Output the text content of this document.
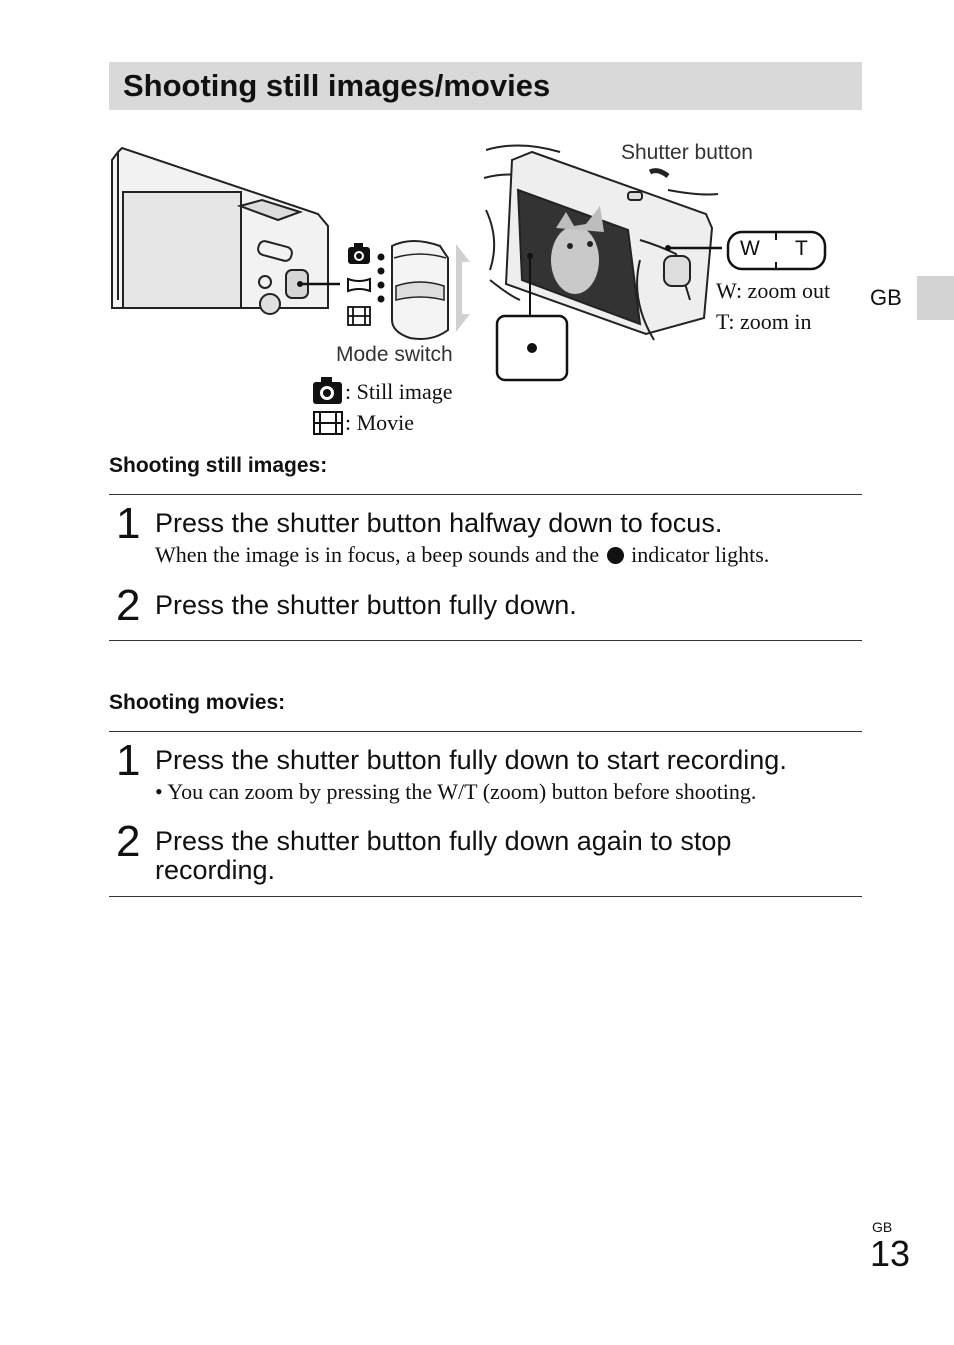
Shooting still images/movies
GB
Shutter button
W T
W: zoom out
T: zoom in
Mode switch
: Still image
: Movie
Shooting still images:
1 Press the shutter button halfway down to focus.
When the image is in focus, a beep sounds and the indicator lights.
2 Press the shutter button fully down.
Shooting movies:
1 Press the shutter button fully down to start recording.
• You can zoom by pressing the W/T (zoom) button before shooting.
2 Press the shutter button fully down again to stop
recording.
GB
13
